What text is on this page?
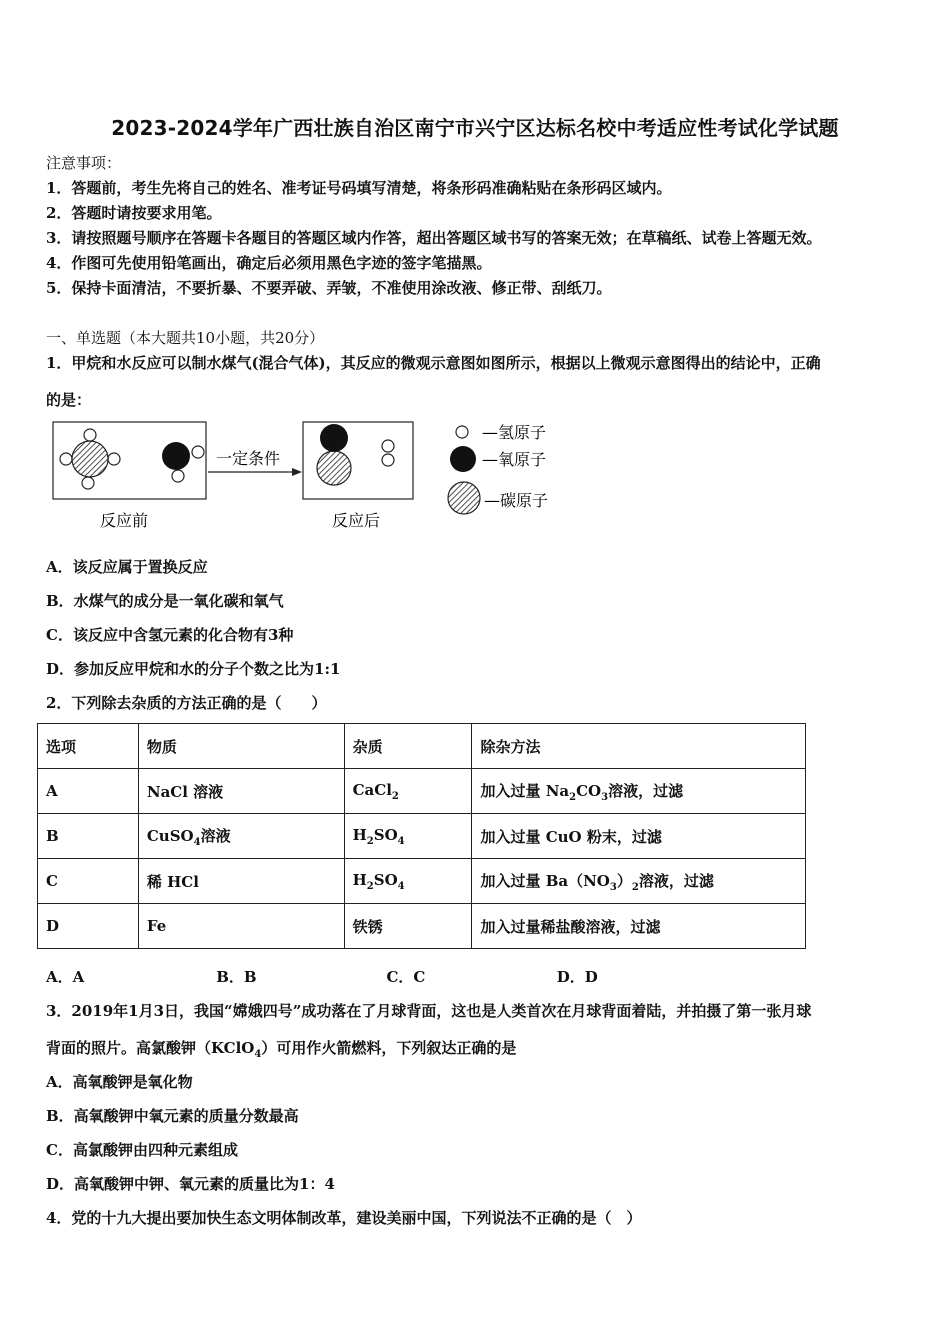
2023-2024学年广西壮族自治区南宁市兴宁区达标名校中考适应性考试化学试题
注意事项：
1．答题前，考生先将自己的姓名、准考证号码填写清楚，将条形码准确粘贴在条形码区域内。
2．答题时请按要求用笔。
3．请按照题号顺序在答题卡各题目的答题区域内作答，超出答题区域书写的答案无效；在草稿纸、试卷上答题无效。
4．作图可先使用铅笔画出，确定后必须用黑色字迹的签字笔描黑。
5．保持卡面清洁，不要折暴、不要弄破、弄皱，不准使用涂改液、修正带、刮纸刀。
一、单选题（本大题共10小题，共20分）
1．甲烷和水反应可以制水煤气(混合气体)，其反应的微观示意图如图所示，根据以上微观示意图得出的结论中，正确
的是：
一定条件
反应前	反应后
—氢原子
—氧原子
—碳原子
A．该反应属于置换反应
B．水煤气的成分是一氧化碳和氧气
C．该反应中含氢元素的化合物有3种
D．参加反应甲烷和水的分子个数之比为1:1
2．下列除去杂质的方法正确的是（　　）
选项	物质	杂质	除杂方法
A	NaCl 溶液	CaCl$_2$	加入过量 $Na_2CO_3$溶液，过滤
B	CuSO$_4$溶液	$H_2SO_4$	加入过量 CuO 粉末，过滤
C	稀 HCl	$H_2SO_4$	加入过量 $Ba(NO_3)_2$溶液，过滤
D	Fe	铁锈	加入过量稀盐酸溶液，过滤
A．A	B．B	C．C	D．D
3．2019年1月3日，我国“嫦娥四号”成功落在了月球背面，这也是人类首次在月球背面着陆，并拍摄了第一张月球
背面的照片。高氯酸钾（KClO$_4$）可用作火箭燃料，下列叙达正确的是
A．高氧酸钾是氧化物
B．高氧酸钾中氧元素的质量分数最高
C．高氯酸钾由四种元素组成
D．高氧酸钾中钾、氧元素的质量比为1：4
4．党的十九大提出要加快生态文明体制改革，建设美丽中国，下列说法不正确的是（　）
